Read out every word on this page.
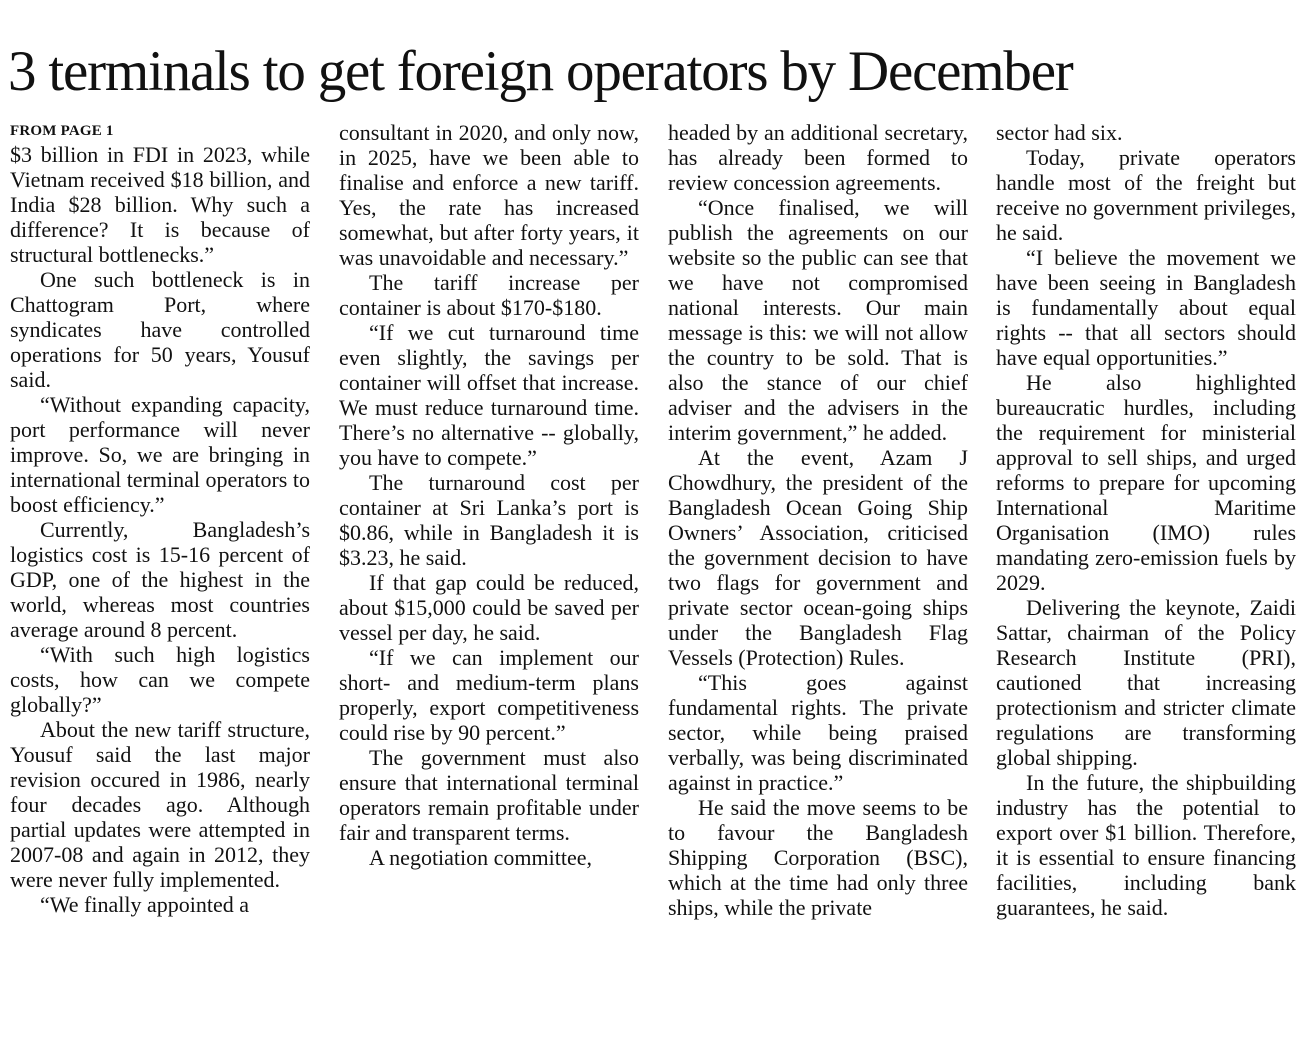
3 terminals to get foreign operators by December
FROM PAGE 1

$3 billion in FDI in 2023, while Vietnam received $18 billion, and India $28 billion. Why such a difference? It is because of structural bottlenecks.”

One such bottleneck is in Chattogram Port, where syndicates have controlled operations for 50 years, Yousuf said.

“Without expanding capacity, port performance will never improve. So, we are bringing in international terminal operators to boost efficiency.”

Currently, Bangladesh’s logistics cost is 15-16 percent of GDP, one of the highest in the world, whereas most countries average around 8 percent.

“With such high logistics costs, how can we compete globally?”

About the new tariff structure, Yousuf said the last major revision occured in 1986, nearly four decades ago. Although partial updates were attempted in 2007-08 and again in 2012, they were never fully implemented.

“We finally appointed a

consultant in 2020, and only now, in 2025, have we been able to finalise and enforce a new tariff. Yes, the rate has increased somewhat, but after forty years, it was unavoidable and necessary.”

The tariff increase per container is about $170-$180.

“If we cut turnaround time even slightly, the savings per container will offset that increase. We must reduce turnaround time. There’s no alternative -- globally, you have to compete.”

The turnaround cost per container at Sri Lanka’s port is $0.86, while in Bangladesh it is $3.23, he said.

If that gap could be reduced, about $15,000 could be saved per vessel per day, he said.

“If we can implement our short- and medium-term plans properly, export competitiveness could rise by 90 percent.”

The government must also ensure that international terminal operators remain profitable under fair and transparent terms.

A negotiation committee,

headed by an additional secretary, has already been formed to review concession agreements.

“Once finalised, we will publish the agreements on our website so the public can see that we have not compromised national interests. Our main message is this: we will not allow the country to be sold. That is also the stance of our chief adviser and the advisers in the interim government,” he added.

At the event, Azam J Chowdhury, the president of the Bangladesh Ocean Going Ship Owners’ Association, criticised the government decision to have two flags for government and private sector ocean-going ships under the Bangladesh Flag Vessels (Protection) Rules.

“This goes against fundamental rights. The private sector, while being praised verbally, was being discriminated against in practice.”

He said the move seems to be to favour the Bangladesh Shipping Corporation (BSC), which at the time had only three ships, while the private

sector had six.

Today, private operators handle most of the freight but receive no government privileges, he said.

“I believe the movement we have been seeing in Bangladesh is fundamentally about equal rights -- that all sectors should have equal opportunities.”

He also highlighted bureaucratic hurdles, including the requirement for ministerial approval to sell ships, and urged reforms to prepare for upcoming International Maritime Organisation (IMO) rules mandating zero-emission fuels by 2029.

Delivering the keynote, Zaidi Sattar, chairman of the Policy Research Institute (PRI), cautioned that increasing protectionism and stricter climate regulations are transforming global shipping.

In the future, the shipbuilding industry has the potential to export over $1 billion. Therefore, it is essential to ensure financing facilities, including bank guarantees, he said.
